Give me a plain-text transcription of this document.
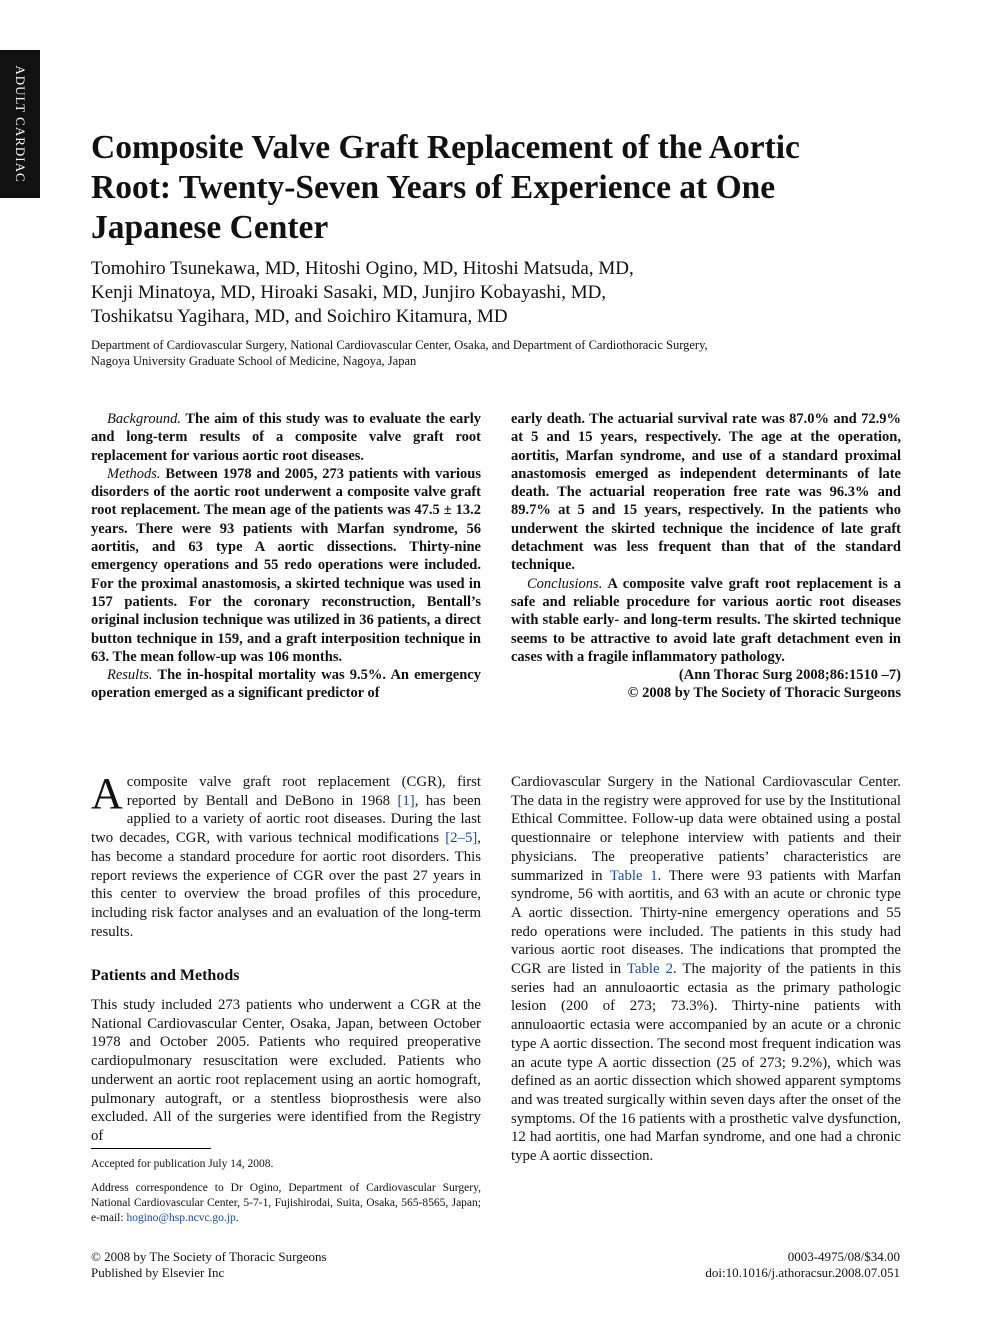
ADULT CARDIAC Composite Valve Graft Replacement of the Aortic
Root: Twenty-Seven Years of Experience at One
Japanese Center
Tomohiro Tsunekawa, MD, Hitoshi Ogino, MD, Hitoshi Matsuda, MD,
Kenji Minatoya, MD, Hiroaki Sasaki, MD, Junjiro Kobayashi, MD,
Toshikatsu Yagihara, MD, and Soichiro Kitamura, MD
Department of Cardiovascular Surgery, National Cardiovascular Center, Osaka, and Department of Cardiothoracic Surgery,
Nagoya University Graduate School of Medicine, Nagoya, Japan

Background. The aim of this study was to evaluate the early and long-term results of a composite valve graft root replacement for various aortic root diseases.

Methods. Between 1978 and 2005, 273 patients with various disorders of the aortic root underwent a composite valve graft root replacement. The mean age of the patients was 47.5 ± 13.2 years. There were 93 patients with Marfan syndrome, 56 aortitis, and 63 type A aortic dissections. Thirty-nine emergency operations and 55 redo operations were included. For the proximal anastomosis, a skirted technique was used in 157 patients. For the coronary reconstruction, Bentall’s original inclusion technique was utilized in 36 patients, a direct button technique in 159, and a graft interposition technique in 63. The mean follow-up was 106 months.

Results. The in-hospital mortality was 9.5%. An emergency operation emerged as a significant predictor of

early death. The actuarial survival rate was 87.0% and 72.9% at 5 and 15 years, respectively. The age at the operation, aortitis, Marfan syndrome, and use of a standard proximal anastomosis emerged as independent determinants of late death. The actuarial reoperation free rate was 96.3% and 89.7% at 5 and 15 years, respectively. In the patients who underwent the skirted technique the incidence of late graft detachment was less frequent than that of the standard technique.

Conclusions. A composite valve graft root replacement is a safe and reliable procedure for various aortic root diseases with stable early- and long-term results. The skirted technique seems to be attractive to avoid late graft detachment even in cases with a fragile inflammatory pathology.

(Ann Thorac Surg 2008;86:1510 –7)

© 2008 by The Society of Thoracic Surgeons

A composite valve graft root replacement (CGR), first reported by Bentall and DeBono in 1968 [1], has been applied to a variety of aortic root diseases. During the last two decades, CGR, with various technical modifications [2–5], has become a standard procedure for aortic root disorders. This report reviews the experience of CGR over the past 27 years in this center to overview the broad profiles of this procedure, including risk factor analyses and an evaluation of the long-term results.

Patients and Methods

This study included 273 patients who underwent a CGR at the National Cardiovascular Center, Osaka, Japan, between October 1978 and October 2005. Patients who required preoperative cardiopulmonary resuscitation were excluded. Patients who underwent an aortic root replacement using an aortic homograft, pulmonary autograft, or a stentless bioprosthesis were also excluded. All of the surgeries were identified from the Registry of

Cardiovascular Surgery in the National Cardiovascular Center. The data in the registry were approved for use by the Institutional Ethical Committee. Follow-up data were obtained using a postal questionnaire or telephone interview with patients and their physicians. The preoperative patients’ characteristics are summarized in Table 1. There were 93 patients with Marfan syndrome, 56 with aortitis, and 63 with an acute or chronic type A aortic dissection. Thirty-nine emergency operations and 55 redo operations were included. The patients in this study had various aortic root diseases. The indications that prompted the CGR are listed in Table 2. The majority of the patients in this series had an annuloaortic ectasia as the primary pathologic lesion (200 of 273; 73.3%). Thirty-nine patients with annuloaortic ectasia were accompanied by an acute or a chronic type A aortic dissection. The second most frequent indication was an acute type A aortic dissection (25 of 273; 9.2%), which was defined as an aortic dissection which showed apparent symptoms and was treated surgically within seven days after the onset of the symptoms. Of the 16 patients with a prosthetic valve dysfunction, 12 had aortitis, one had Marfan syndrome, and one had a chronic type A aortic dissection.

Accepted for publication July 14, 2008.

Address correspondence to Dr Ogino, Department of Cardiovascular Surgery, National Cardiovascular Center, 5-7-1, Fujishirodai, Suita, Osaka, 565-8565, Japan; e-mail: hogino@hsp.ncvc.go.jp.

© 2008 by The Society of Thoracic Surgeons
Published by Elsevier Inc
0003-4975/08/$34.00
doi:10.1016/j.athoracsur.2008.07.051
